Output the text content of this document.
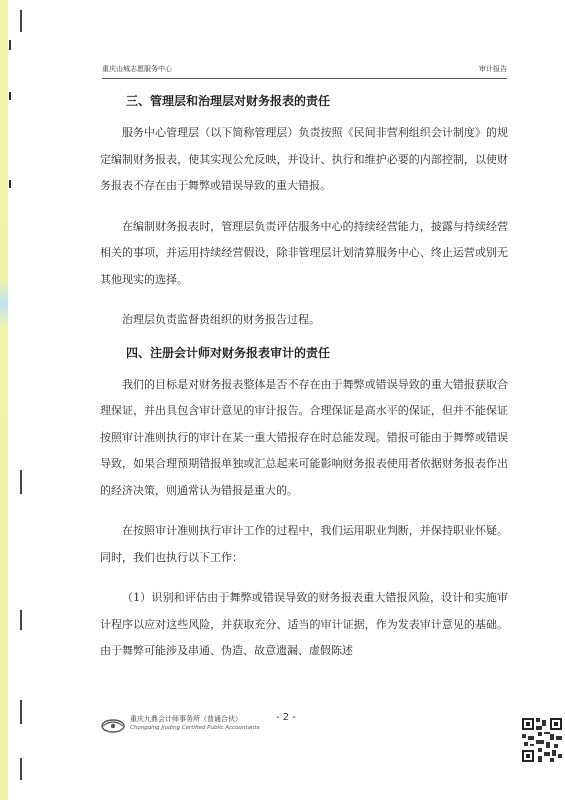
重庆山城志愿服务中心	审计报告
三、管理层和治理层对财务报表的责任

服务中心管理层（以下简称管理层）负责按照《民间非营利组织会计制度》的规定编制财务报表，使其实现公允反映，并设计、执行和维护必要的内部控制，以使财务报表不存在由于舞弊或错误导致的重大错报。

在编制财务报表时，管理层负责评估服务中心的持续经营能力，披露与持续经营相关的事项，并运用持续经营假设，除非管理层计划清算服务中心、终止运营或别无其他现实的选择。

治理层负责监督贵组织的财务报告过程。

四、注册会计师对财务报表审计的责任

我们的目标是对财务报表整体是否不存在由于舞弊或错误导致的重大错报获取合理保证，并出具包含审计意见的审计报告。合理保证是高水平的保证，但并不能保证按照审计准则执行的审计在某一重大错报存在时总能发现。错报可能由于舞弊或错误导致，如果合理预期错报单独或汇总起来可能影响财务报表使用者依据财务报表作出的经济决策，则通常认为错报是重大的。

在按照审计准则执行审计工作的过程中，我们运用职业判断，并保持职业怀疑。同时，我们也执行以下工作：

（1）识别和评估由于舞弊或错误导致的财务报表重大错报风险，设计和实施审计程序以应对这些风险，并获取充分、适当的审计证据，作为发表审计意见的基础。由于舞弊可能涉及串通、伪造、故意遗漏、虚假陈述

重庆九鼎会计师事务所（普通合伙）
Chongqing Jiuding Certified Public Accountants
- 2 -
